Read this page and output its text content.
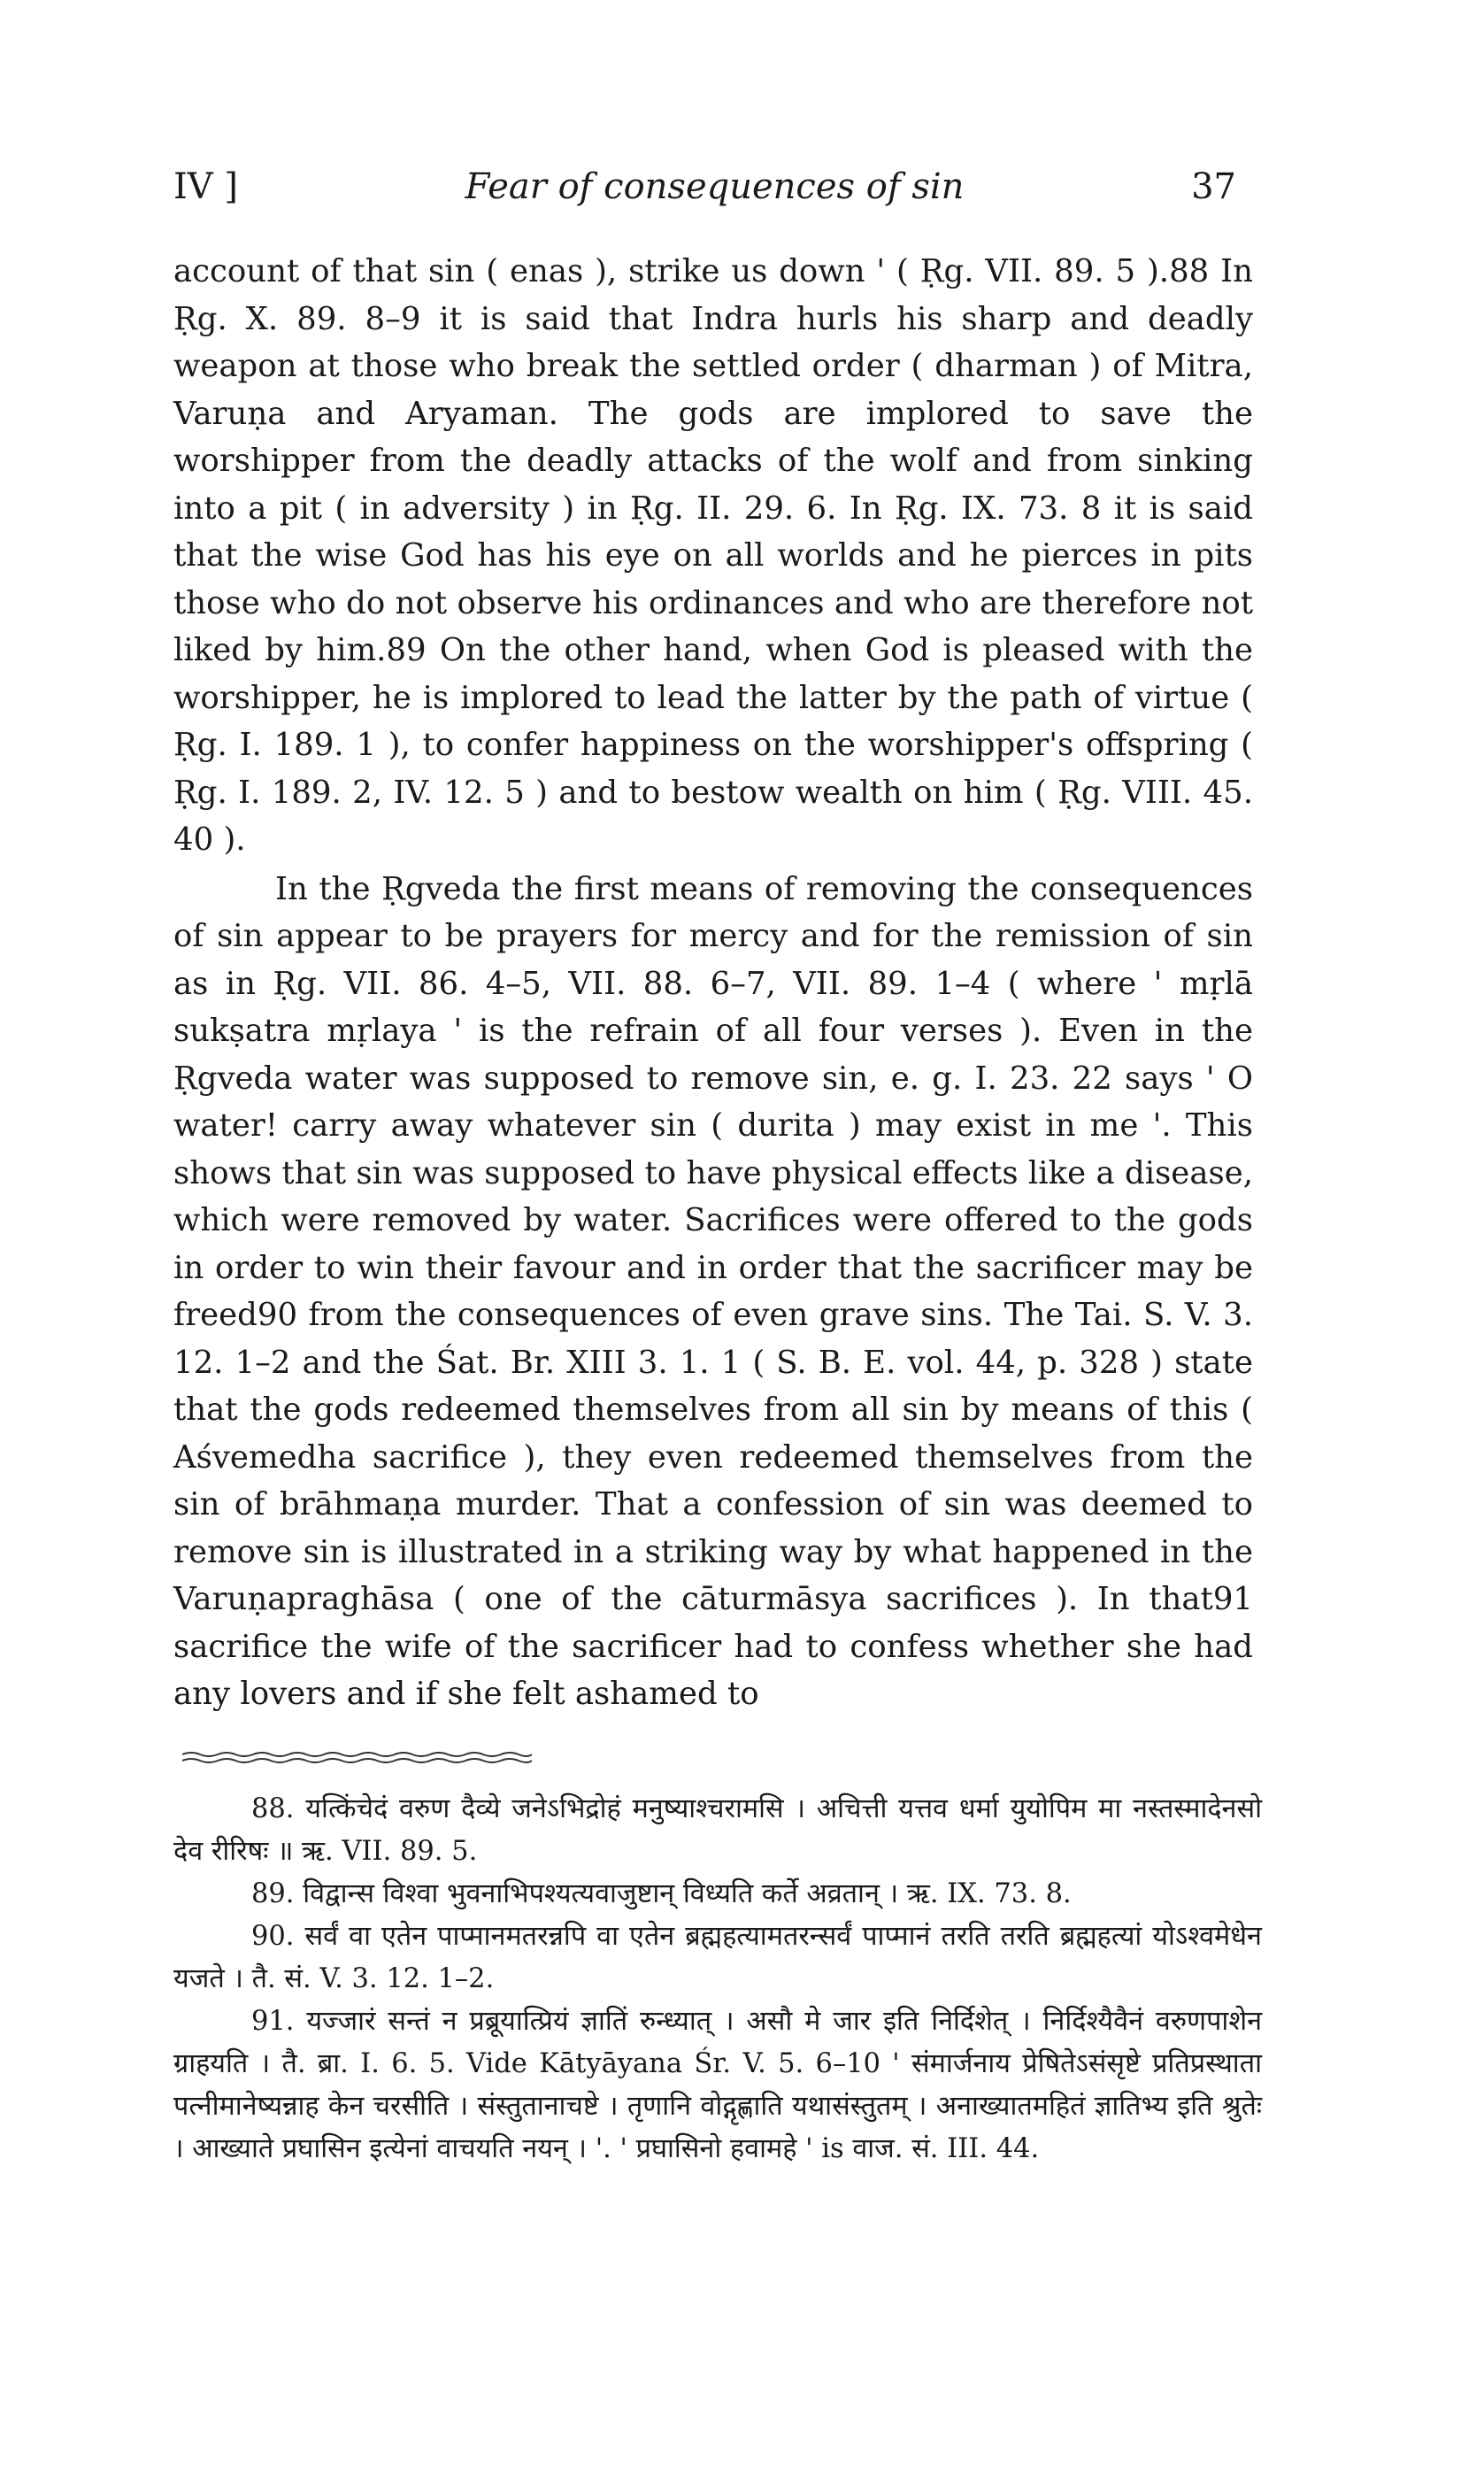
IV ]	Fear of consequences of sin	37

account of that sin ( enas ), strike us down ' ( Ṛg. VII. 89. 5 ).88 In Ṛg. X. 89. 8–9 it is said that Indra hurls his sharp and deadly weapon at those who break the settled order ( dharman ) of Mitra, Varuṇa and Aryaman. The gods are implored to save the worshipper from the deadly attacks of the wolf and from sinking into a pit ( in adversity ) in Ṛg. II. 29. 6. In Ṛg. IX. 73. 8 it is said that the wise God has his eye on all worlds and he pierces in pits those who do not observe his ordinances and who are therefore not liked by him.89 On the other hand, when God is pleased with the worshipper, he is implored to lead the latter by the path of virtue ( Ṛg. I. 189. 1 ), to confer happiness on the worshipper's offspring ( Ṛg. I. 189. 2, IV. 12. 5 ) and to bestow wealth on him ( Ṛg. VIII. 45. 40 ).

In the Ṛgveda the first means of removing the consequences of sin appear to be prayers for mercy and for the remission of sin as in Ṛg. VII. 86. 4–5, VII. 88. 6–7, VII. 89. 1–4 ( where ' mṛlā sukṣatra mṛlaya ' is the refrain of all four verses ). Even in the Ṛgveda water was supposed to remove sin, e. g. I. 23. 22 says ' O water! carry away whatever sin ( durita ) may exist in me '. This shows that sin was supposed to have physical effects like a disease, which were removed by water. Sacrifices were offered to the gods in order to win their favour and in order that the sacrificer may be freed90 from the consequences of even grave sins. The Tai. S. V. 3. 12. 1–2 and the Śat. Br. XIII 3. 1. 1 ( S. B. E. vol. 44, p. 328 ) state that the gods redeemed themselves from all sin by means of this ( Aśvemedha sacrifice ), they even redeemed themselves from the sin of brāhmaṇa murder. That a confession of sin was deemed to remove sin is illustrated in a striking way by what happened in the Varuṇapraghāsa ( one of the cāturmāsya sacrifices ). In that91 sacrifice the wife of the sacrificer had to confess whether she had any lovers and if she felt ashamed to

88. यत्किंचेदं वरुण दैव्ये जनेऽभिद्रोहं मनुष्याश्चरामसि । अचित्ती यत्तव धर्मा युयोपिम मा नस्तस्मादेनसो देव रीरिषः ॥ ऋ. VII. 89. 5.

89. विद्वान्स विश्वा भुवनाभिपश्यत्यवाजुष्टान् विध्यति कर्ते अव्रतान् । ऋ. IX. 73. 8.

90. सर्वं वा एतेन पाप्मानमतरन्नपि वा एतेन ब्रह्महत्यामतरन्सर्वं पाप्मानं तरति तरति ब्रह्महत्यां योऽश्वमेधेन यजते । तै. सं. V. 3. 12. 1–2.

91. यज्जारं सन्तं न प्रब्रूयात्प्रियं ज्ञातिं रुन्ध्यात् । असौ मे जार इति निर्दिशेत् । निर्दिश्यैवैनं वरुणपाशेन ग्राहयति । तै. ब्रा. I. 6. 5. Vide Kātyāyana Śr. V. 5. 6–10 ' संमार्जनाय प्रेषितेऽसंसृष्टे प्रतिप्रस्थाता पत्नीमानेष्यन्नाह केन चरसीति । संस्तुतानाचष्टे । तृणानि वोद्गृह्णाति यथासंस्तुतम् । अनाख्यातमहितं ज्ञातिभ्य इति श्रुतेः । आख्याते प्रघासिन इत्येनां वाचयति नयन् । '. ' प्रघासिनो हवामहे ' is वाज. सं. III. 44.
